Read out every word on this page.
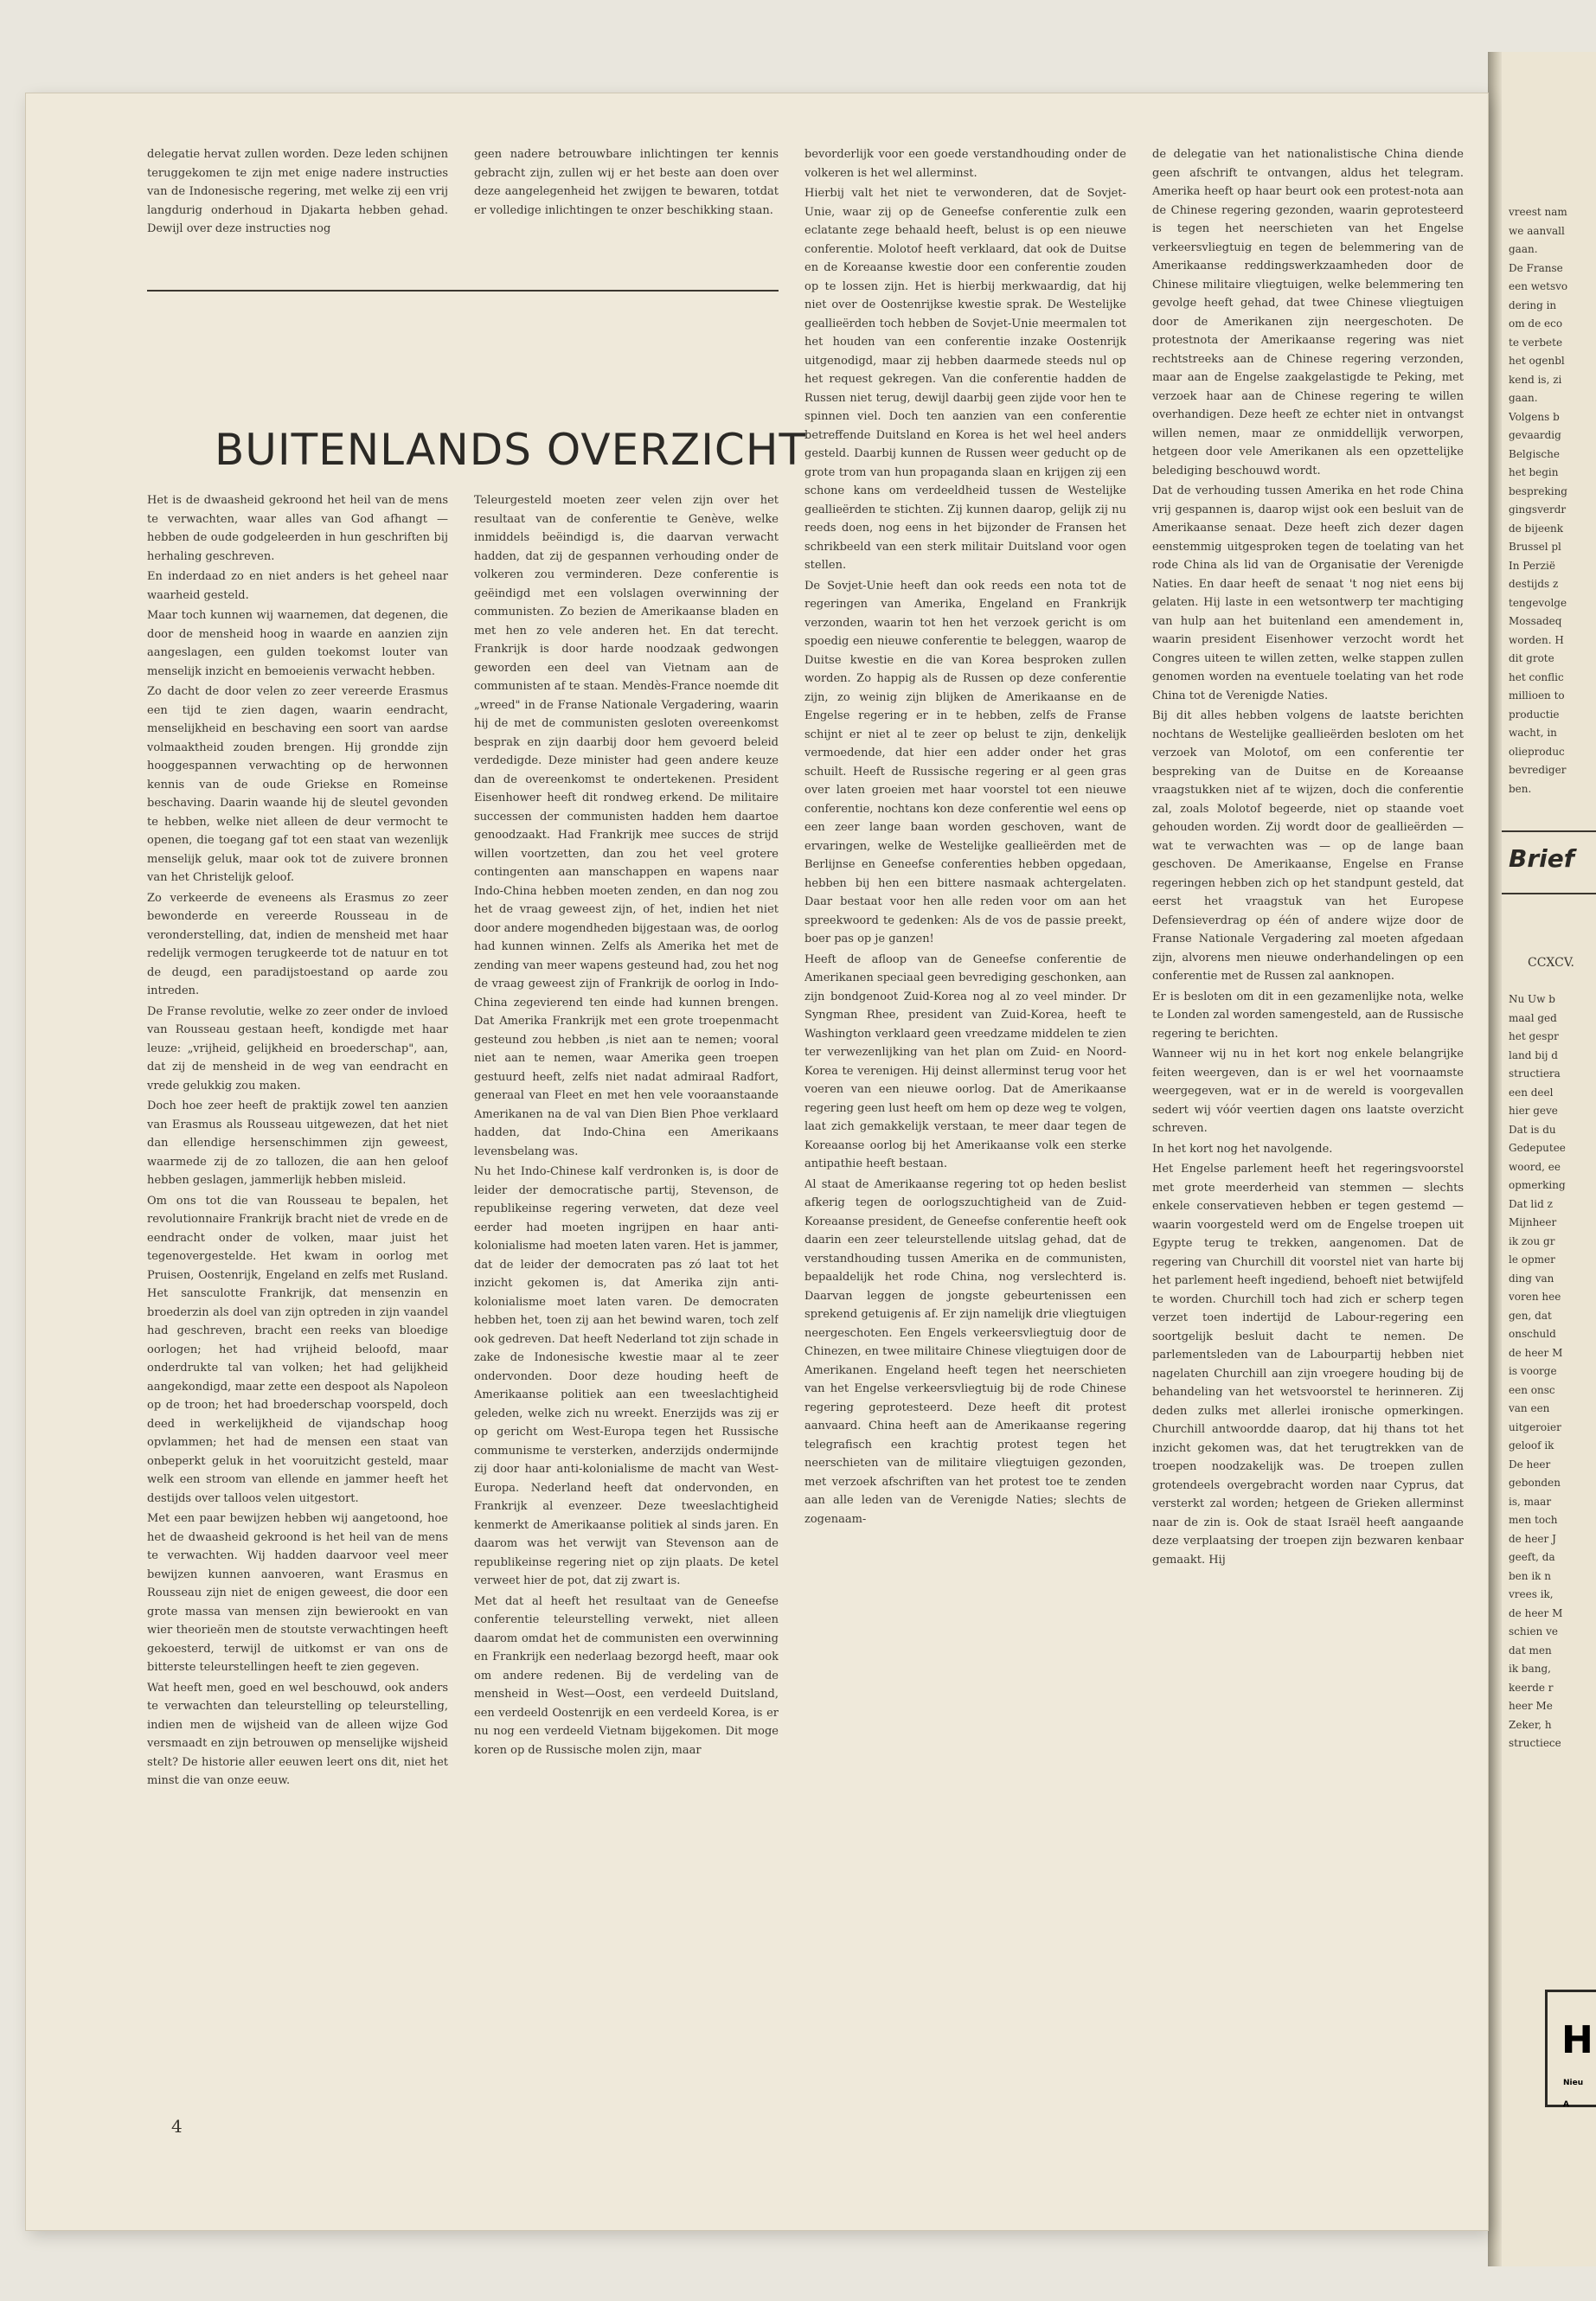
delegatie hervat zullen worden. Deze leden schijnen teruggekomen te zijn met enige nadere instructies van de Indonesische regering, met welke zij een vrij langdurig onderhoud in Djakarta hebben gehad. Dewijl over deze instructies nog

geen nadere betrouwbare inlichtingen ter kennis gebracht zijn, zullen wij er het beste aan doen over deze aangelegenheid het zwijgen te bewaren, totdat er volledige inlichtingen te onzer beschikking staan.

BUITENLANDS OVERZICHT

Het is de dwaasheid gekroond het heil van de mens te verwachten, waar alles van God afhangt — hebben de oude godgeleerden in hun geschriften bij herhaling geschreven.

En inderdaad zo en niet anders is het geheel naar waarheid gesteld.

Maar toch kunnen wij waarnemen, dat degenen, die door de mensheid hoog in waarde en aanzien zijn aangeslagen, een gulden toekomst louter van menselijk inzicht en bemoeienis verwacht hebben.

Zo dacht de door velen zo zeer vereerde Erasmus een tijd te zien dagen, waarin eendracht, menselijkheid en beschaving een soort van aardse volmaaktheid zouden brengen. Hij grondde zijn hooggespannen verwachting op de herwonnen kennis van de oude Griekse en Romeinse beschaving. Daarin waande hij de sleutel gevonden te hebben, welke niet alleen de deur vermocht te openen, die toegang gaf tot een staat van wezenlijk menselijk geluk, maar ook tot de zuivere bronnen van het Christelijk geloof.

Zo verkeerde de eveneens als Erasmus zo zeer bewonderde en vereerde Rousseau in de veronderstelling, dat, indien de mensheid met haar redelijk vermogen terugkeerde tot de natuur en tot de deugd, een paradijstoestand op aarde zou intreden.

De Franse revolutie, welke zo zeer onder de invloed van Rousseau gestaan heeft, kondigde met haar leuze: „vrijheid, gelijkheid en broederschap", aan, dat zij de mensheid in de weg van eendracht en vrede gelukkig zou maken.

Doch hoe zeer heeft de praktijk zowel ten aanzien van Erasmus als Rousseau uitgewezen, dat het niet dan ellendige hersenschimmen zijn geweest, waarmede zij de zo tallozen, die aan hen geloof hebben geslagen, jammerlijk hebben misleid.

Om ons tot die van Rousseau te bepalen, het revolutionnaire Frankrijk bracht niet de vrede en de eendracht onder de volken, maar juist het tegenovergestelde. Het kwam in oorlog met Pruisen, Oostenrijk, Engeland en zelfs met Rusland. Het sansculotte Frankrijk, dat mensenzin en broederzin als doel van zijn optreden in zijn vaandel had geschreven, bracht een reeks van bloedige oorlogen; het had vrijheid beloofd, maar onderdrukte tal van volken; het had gelijkheid aangekondigd, maar zette een despoot als Napoleon op de troon; het had broederschap voorspeld, doch deed in werkelijkheid de vijandschap hoog opvlammen; het had de mensen een staat van onbeperkt geluk in het vooruitzicht gesteld, maar welk een stroom van ellende en jammer heeft het destijds over talloos velen uitgestort.

Met een paar bewijzen hebben wij aangetoond, hoe het de dwaasheid gekroond is het heil van de mens te verwachten. Wij hadden daarvoor veel meer bewijzen kunnen aanvoeren, want Erasmus en Rousseau zijn niet de enigen geweest, die door een grote massa van mensen zijn bewierookt en van wier theorieën men de stoutste verwachtingen heeft gekoesterd, terwijl de uitkomst er van ons de bitterste teleurstellingen heeft te zien gegeven.

Wat heeft men, goed en wel beschouwd, ook anders te verwachten dan teleurstelling op teleurstelling, indien men de wijsheid van de alleen wijze God versmaadt en zijn betrouwen op menselijke wijsheid stelt? De historie aller eeuwen leert ons dit, niet het minst die van onze eeuw.

Teleurgesteld moeten zeer velen zijn over het resultaat van de conferentie te Genève, welke inmiddels beëindigd is, die daarvan verwacht hadden, dat zij de gespannen verhouding onder de volkeren zou verminderen. Deze conferentie is geëindigd met een volslagen overwinning der communisten. Zo bezien de Amerikaanse bladen en met hen zo vele anderen het. En dat terecht. Frankrijk is door harde noodzaak gedwongen geworden een deel van Vietnam aan de communisten af te staan. Mendès-France noemde dit „wreed" in de Franse Nationale Vergadering, waarin hij de met de communisten gesloten overeenkomst besprak en zijn daarbij door hem gevoerd beleid verdedigde. Deze minister had geen andere keuze dan de overeenkomst te ondertekenen. President Eisenhower heeft dit rondweg erkend. De militaire successen der communisten hadden hem daartoe genoodzaakt. Had Frankrijk mee succes de strijd willen voortzetten, dan zou het veel grotere contingenten aan manschappen en wapens naar Indo-China hebben moeten zenden, en dan nog zou het de vraag geweest zijn, of het, indien het niet door andere mogendheden bijgestaan was, de oorlog had kunnen winnen. Zelfs als Amerika het met de zending van meer wapens gesteund had, zou het nog de vraag geweest zijn of Frankrijk de oorlog in Indo-China zegevierend ten einde had kunnen brengen. Dat Amerika Frankrijk met een grote troepenmacht gesteund zou hebben ,is niet aan te nemen; vooral niet aan te nemen, waar Amerika geen troepen gestuurd heeft, zelfs niet nadat admiraal Radfort, generaal van Fleet en met hen vele vooraanstaande Amerikanen na de val van Dien Bien Phoe verklaard hadden, dat Indo-China een Amerikaans levensbelang was.

Nu het Indo-Chinese kalf verdronken is, is door de leider der democratische partij, Stevenson, de republikeinse regering verweten, dat deze veel eerder had moeten ingrijpen en haar anti-kolonialisme had moeten laten varen. Het is jammer, dat de leider der democraten pas zó laat tot het inzicht gekomen is, dat Amerika zijn anti-kolonialisme moet laten varen. De democraten hebben het, toen zij aan het bewind waren, toch zelf ook gedreven. Dat heeft Nederland tot zijn schade in zake de Indonesische kwestie maar al te zeer ondervonden. Door deze houding heeft de Amerikaanse politiek aan een tweeslachtigheid geleden, welke zich nu wreekt. Enerzijds was zij er op gericht om West-Europa tegen het Russische communisme te versterken, anderzijds ondermijnde zij door haar anti-kolonialisme de macht van West-Europa. Nederland heeft dat ondervonden, en Frankrijk al evenzeer. Deze tweeslachtigheid kenmerkt de Amerikaanse politiek al sinds jaren. En daarom was het verwijt van Stevenson aan de republikeinse regering niet op zijn plaats. De ketel verweet hier de pot, dat zij zwart is.

Met dat al heeft het resultaat van de Geneefse conferentie teleurstelling verwekt, niet alleen daarom omdat het de communisten een overwinning en Frankrijk een nederlaag bezorgd heeft, maar ook om andere redenen. Bij de verdeling van de mensheid in West—Oost, een verdeeld Duitsland, een verdeeld Oostenrijk en een verdeeld Korea, is er nu nog een verdeeld Vietnam bijgekomen. Dit moge koren op de Russische molen zijn, maar

bevorderlijk voor een goede verstandhouding onder de volkeren is het wel allerminst.

Hierbij valt het niet te verwonderen, dat de Sovjet-Unie, waar zij op de Geneefse conferentie zulk een eclatante zege behaald heeft, belust is op een nieuwe conferentie. Molotof heeft verklaard, dat ook de Duitse en de Koreaanse kwestie door een conferentie zouden op te lossen zijn. Het is hierbij merkwaardig, dat hij niet over de Oostenrijkse kwestie sprak. De Westelijke geallieërden toch hebben de Sovjet-Unie meermalen tot het houden van een conferentie inzake Oostenrijk uitgenodigd, maar zij hebben daarmede steeds nul op het request gekregen. Van die conferentie hadden de Russen niet terug, dewijl daarbij geen zijde voor hen te spinnen viel. Doch ten aanzien van een conferentie betreffende Duitsland en Korea is het wel heel anders gesteld. Daarbij kunnen de Russen weer geducht op de grote trom van hun propaganda slaan en krijgen zij een schone kans om verdeeldheid tussen de Westelijke geallieërden te stichten. Zij kunnen daarop, gelijk zij nu reeds doen, nog eens in het bijzonder de Fransen het schrikbeeld van een sterk militair Duitsland voor ogen stellen.

De Sovjet-Unie heeft dan ook reeds een nota tot de regeringen van Amerika, Engeland en Frankrijk verzonden, waarin tot hen het verzoek gericht is om spoedig een nieuwe conferentie te beleggen, waarop de Duitse kwestie en die van Korea besproken zullen worden. Zo happig als de Russen op deze conferentie zijn, zo weinig zijn blijken de Amerikaanse en de Engelse regering er in te hebben, zelfs de Franse schijnt er niet al te zeer op belust te zijn, denkelijk vermoedende, dat hier een adder onder het gras schuilt. Heeft de Russische regering er al geen gras over laten groeien met haar voorstel tot een nieuwe conferentie, nochtans kon deze conferentie wel eens op een zeer lange baan worden geschoven, want de ervaringen, welke de Westelijke geallieërden met de Berlijnse en Geneefse conferenties hebben opgedaan, hebben bij hen een bittere nasmaak achtergelaten. Daar bestaat voor hen alle reden voor om aan het spreekwoord te gedenken: Als de vos de passie preekt, boer pas op je ganzen!

Heeft de afloop van de Geneefse conferentie de Amerikanen speciaal geen bevrediging geschonken, aan zijn bondgenoot Zuid-Korea nog al zo veel minder. Dr Syngman Rhee, president van Zuid-Korea, heeft te Washington verklaard geen vreedzame middelen te zien ter verwezenlijking van het plan om Zuid- en Noord-Korea te verenigen. Hij deinst allerminst terug voor het voeren van een nieuwe oorlog. Dat de Amerikaanse regering geen lust heeft om hem op deze weg te volgen, laat zich gemakkelijk verstaan, te meer daar tegen de Koreaanse oorlog bij het Amerikaanse volk een sterke antipathie heeft bestaan.

Al staat de Amerikaanse regering tot op heden beslist afkerig tegen de oorlogszuchtigheid van de Zuid-Koreaanse president, de Geneefse conferentie heeft ook daarin een zeer teleurstellende uitslag gehad, dat de verstandhouding tussen Amerika en de communisten, bepaaldelijk het rode China, nog verslechterd is. Daarvan leggen de jongste gebeurtenissen een sprekend getuigenis af. Er zijn namelijk drie vliegtuigen neergeschoten. Een Engels verkeersvliegtuig door de Chinezen, en twee militaire Chinese vliegtuigen door de Amerikanen. Engeland heeft tegen het neerschieten van het Engelse verkeersvliegtuig bij de rode Chinese regering geprotesteerd. Deze heeft dit protest aanvaard. China heeft aan de Amerikaanse regering telegrafisch een krachtig protest tegen het neerschieten van de militaire vliegtuigen gezonden, met verzoek afschriften van het protest toe te zenden aan alle leden van de Verenigde Naties; slechts de zogenaam-

de delegatie van het nationalistische China diende geen afschrift te ontvangen, aldus het telegram. Amerika heeft op haar beurt ook een protest-nota aan de Chinese regering gezonden, waarin geprotesteerd is tegen het neerschieten van het Engelse verkeersvliegtuig en tegen de belemmering van de Amerikaanse reddingswerkzaamheden door de Chinese militaire vliegtuigen, welke belemmering ten gevolge heeft gehad, dat twee Chinese vliegtuigen door de Amerikanen zijn neergeschoten. De protestnota der Amerikaanse regering was niet rechtstreeks aan de Chinese regering verzonden, maar aan de Engelse zaakgelastigde te Peking, met verzoek haar aan de Chinese regering te willen overhandigen. Deze heeft ze echter niet in ontvangst willen nemen, maar ze onmiddellijk verworpen, hetgeen door vele Amerikanen als een opzettelijke belediging beschouwd wordt.

Dat de verhouding tussen Amerika en het rode China vrij gespannen is, daarop wijst ook een besluit van de Amerikaanse senaat. Deze heeft zich dezer dagen eenstemmig uitgesproken tegen de toelating van het rode China als lid van de Organisatie der Verenigde Naties. En daar heeft de senaat 't nog niet eens bij gelaten. Hij laste in een wetsontwerp ter machtiging van hulp aan het buitenland een amendement in, waarin president Eisenhower verzocht wordt het Congres uiteen te willen zetten, welke stappen zullen genomen worden na eventuele toelating van het rode China tot de Verenigde Naties.

Bij dit alles hebben volgens de laatste berichten nochtans de Westelijke geallieërden besloten om het verzoek van Molotof, om een conferentie ter bespreking van de Duitse en de Koreaanse vraagstukken niet af te wijzen, doch die conferentie zal, zoals Molotof begeerde, niet op staande voet gehouden worden. Zij wordt door de geallieërden — wat te verwachten was — op de lange baan geschoven. De Amerikaanse, Engelse en Franse regeringen hebben zich op het standpunt gesteld, dat eerst het vraagstuk van het Europese Defensieverdrag op één of andere wijze door de Franse Nationale Vergadering zal moeten afgedaan zijn, alvorens men nieuwe onderhandelingen op een conferentie met de Russen zal aanknopen.

Er is besloten om dit in een gezamenlijke nota, welke te Londen zal worden samengesteld, aan de Russische regering te berichten.

Wanneer wij nu in het kort nog enkele belangrijke feiten weergeven, dan is er wel het voornaamste weergegeven, wat er in de wereld is voorgevallen sedert wij vóór veertien dagen ons laatste overzicht schreven.

In het kort nog het navolgende.

Het Engelse parlement heeft het regeringsvoorstel met grote meerderheid van stemmen — slechts enkele conservatieven hebben er tegen gestemd — waarin voorgesteld werd om de Engelse troepen uit Egypte terug te trekken, aangenomen. Dat de regering van Churchill dit voorstel niet van harte bij het parlement heeft ingediend, behoeft niet betwijfeld te worden. Churchill toch had zich er scherp tegen verzet toen indertijd de Labour-regering een soortgelijk besluit dacht te nemen. De parlementsleden van de Labourpartij hebben niet nagelaten Churchill aan zijn vroegere houding bij de behandeling van het wetsvoorstel te herinneren. Zij deden zulks met allerlei ironische opmerkingen. Churchill antwoordde daarop, dat hij thans tot het inzicht gekomen was, dat het terugtrekken van de troepen noodzakelijk was. De troepen zullen grotendeels overgebracht worden naar Cyprus, dat versterkt zal worden; hetgeen de Grieken allerminst naar de zin is. Ook de staat Israël heeft aangaande deze verplaatsing der troepen zijn bezwaren kenbaar gemaakt. Hij

4

vreest nam

we aanvall

gaan.

De Franse

een wetsvo

dering in

om de eco

te verbete

het ogenbl

kend is, zi

gaan.

Volgens b

gevaardig

Belgische

het begin

bespreking

gingsverdr

de bijeenk

Brussel pl

In Perzië

destijds z

tengevolge

Mossadeq

worden. H

dit grote

het conflic

millioen to

productie

wacht, in

olieproduc

bevrediger

ben.

Brief
CCXCV.

Nu Uw b

maal ged

het gespr

land bij d

structiera

een deel

hier geve

Dat is du

Gedeputee

woord, ee

opmerking

Dat lid z

Mijnheer

ik zou gr

le opmer

ding van

voren hee

gen, dat

onschuld

de heer M

is voorge

een onsc

van een

uitgeroier

geloof ik

De heer

gebonden

is, maar

men toch

de heer J

geeft, da

ben ik n

vrees ik,

de heer M

schien ve

dat men

ik bang,

keerde r

heer Me

Zeker, h

structiece

H
Nieu
A
